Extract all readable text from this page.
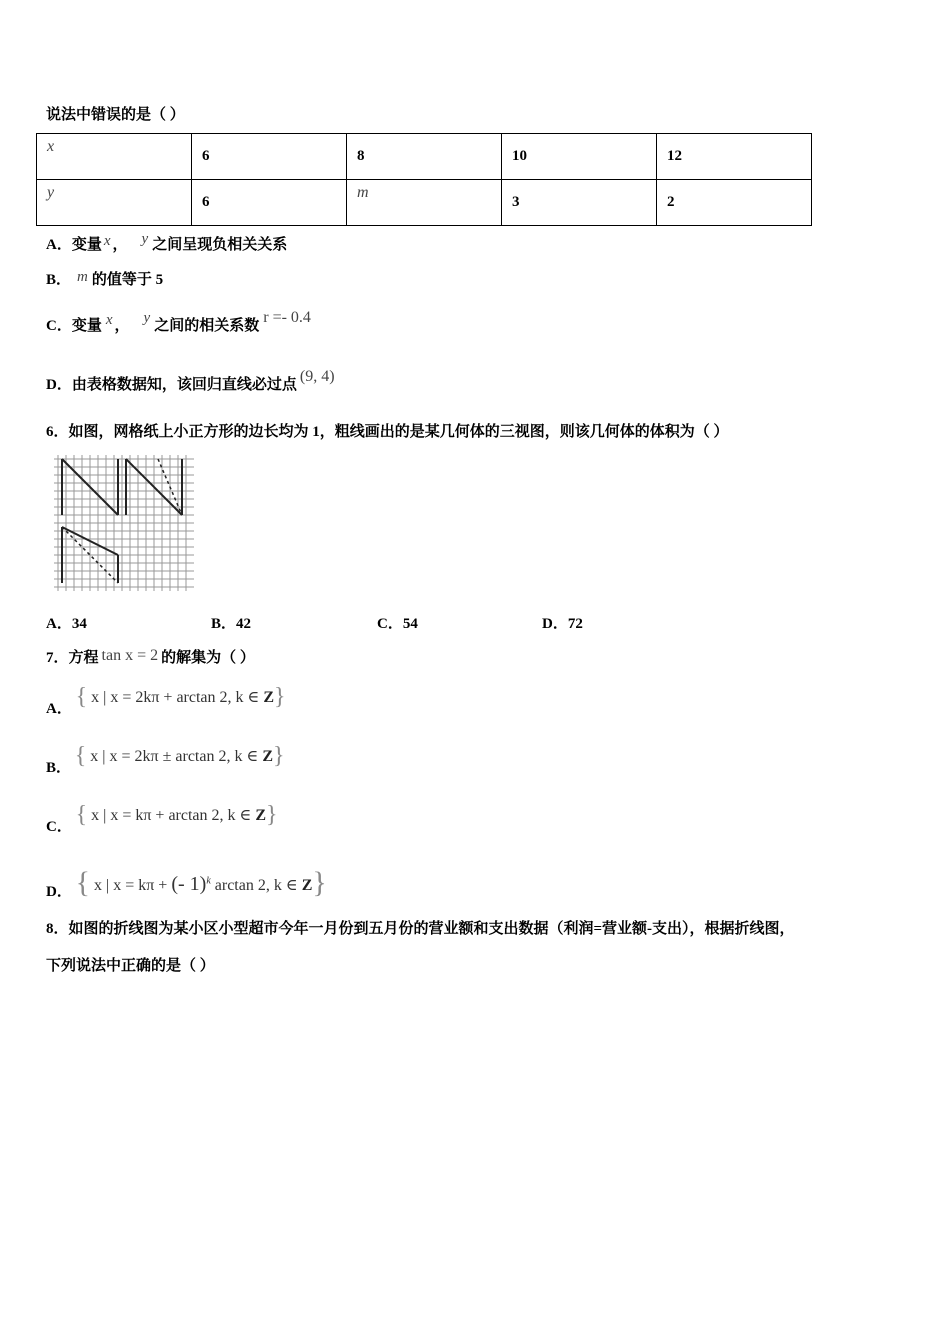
说法中错误的是（ ）
x	6	8	10	12
y	6	m	3	2
A．变量 x ， y 之间呈现负相关关系
B． m 的值等于 5
C．变量 x ， y 之间的相关系数 r =- 0.4
D．由表格数据知，该回归直线必过点 (9, 4)
6．如图，网格纸上小正方形的边长均为 1，粗线画出的是某几何体的三视图，则该几何体的体积为（ ）
A．34	B．42	C．54	D．72
7．方程 tan x = 2 的解集为（ ）
A． { x | x = 2kπ + arctan 2, k ∈ Z}
B． { x | x = 2kπ ± arctan 2, k ∈ Z}
C． { x | x = kπ + arctan 2, k ∈ Z}
D． { x | x = kπ + (- 1)$^k$ arctan 2, k ∈ Z}
8．如图的折线图为某小区小型超市今年一月份到五月份的营业额和支出数据（利润=营业额-支出），根据折线图，
下列说法中正确的是（ ）
